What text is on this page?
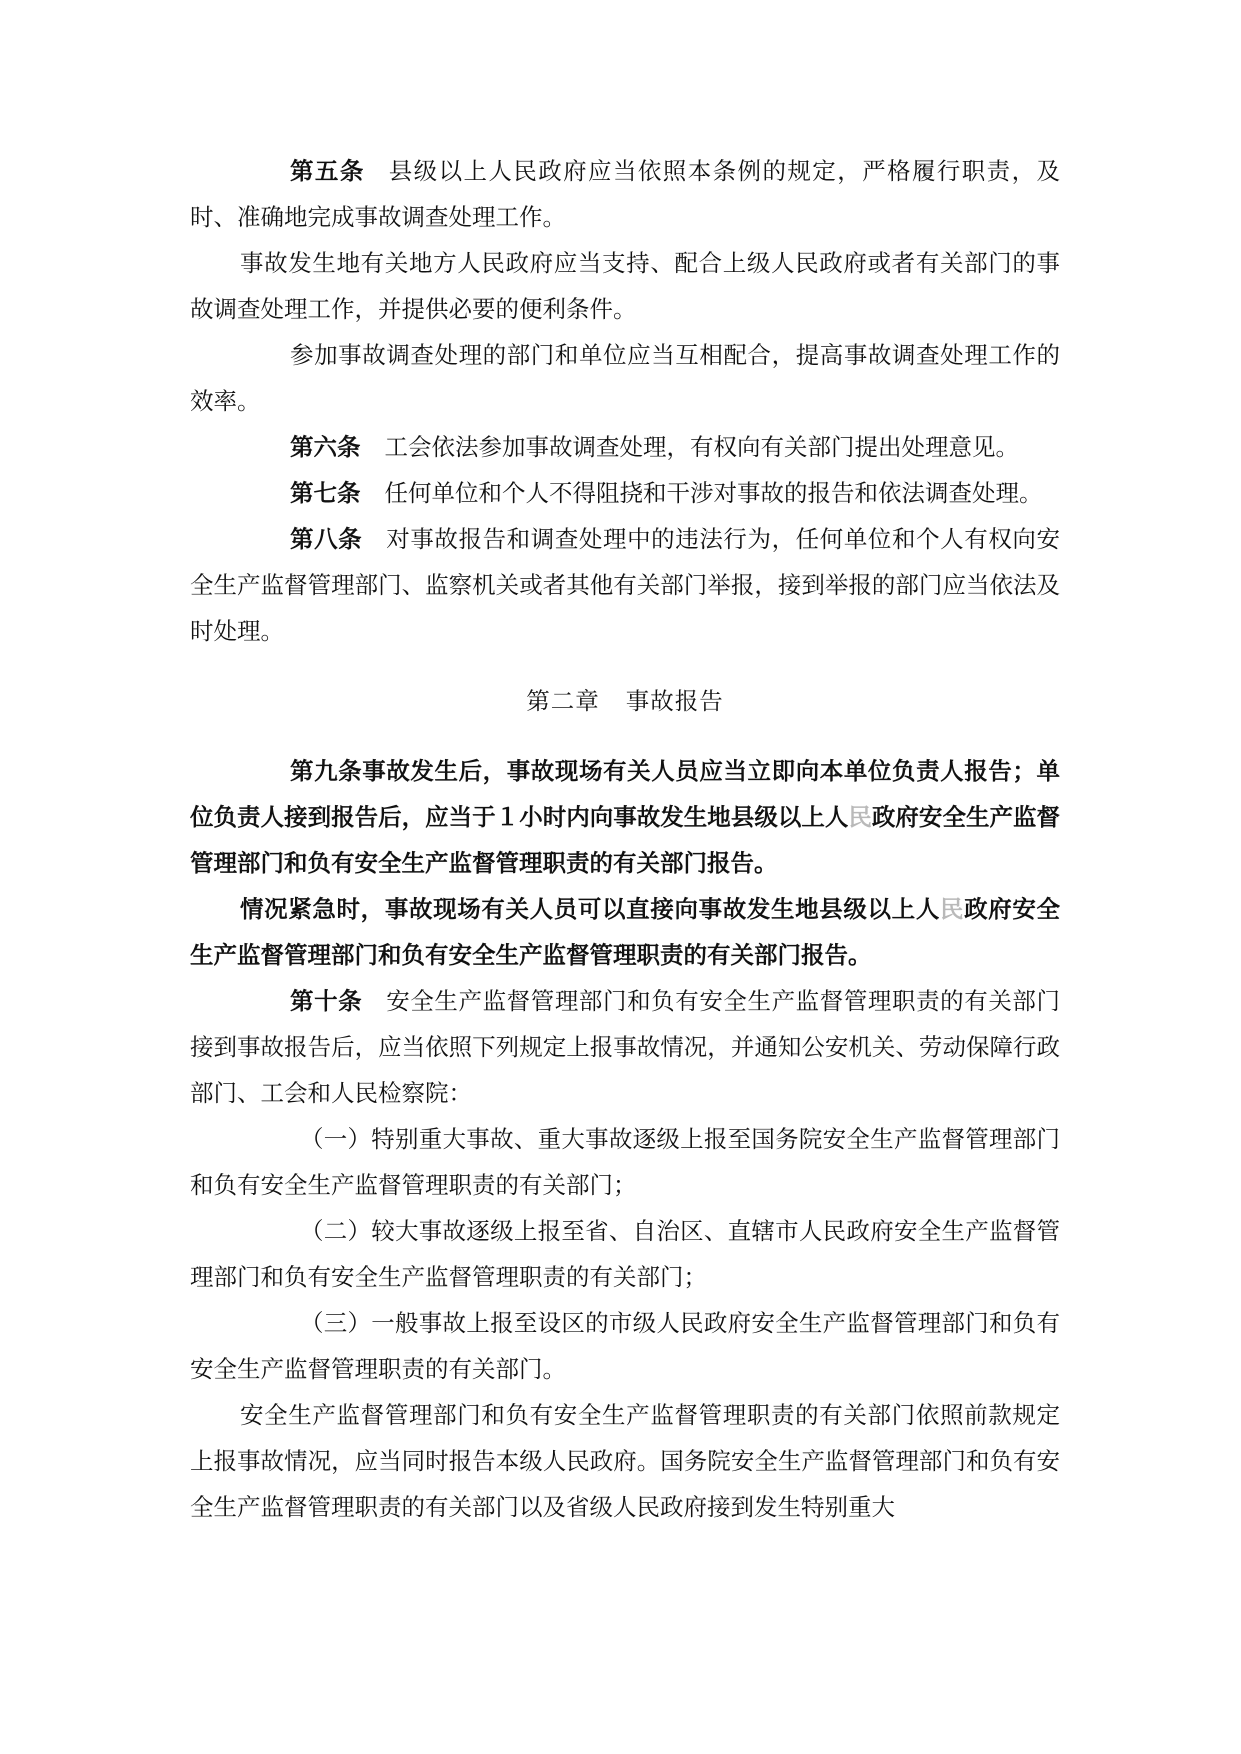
第五条 县级以上人民政府应当依照本条例的规定，严格履行职责，及时、准确地完成事故调查处理工作。

事故发生地有关地方人民政府应当支持、配合上级人民政府或者有关部门的事故调查处理工作，并提供必要的便利条件。

参加事故调查处理的部门和单位应当互相配合，提高事故调查处理工作的效率。

第六条 工会依法参加事故调查处理，有权向有关部门提出处理意见。

第七条 任何单位和个人不得阻挠和干涉对事故的报告和依法调查处理。

第八条 对事故报告和调查处理中的违法行为，任何单位和个人有权向安全生产监督管理部门、监察机关或者其他有关部门举报，接到举报的部门应当依法及时处理。

第二章 事故报告

第九条事故发生后，事故现场有关人员应当立即向本单位负责人报告；单位负责人接到报告后，应当于１小时内向事故发生地县级以上人民政府安全生产监督管理部门和负有安全生产监督管理职责的有关部门报告。

情况紧急时，事故现场有关人员可以直接向事故发生地县级以上人民政府安全生产监督管理部门和负有安全生产监督管理职责的有关部门报告。

第十条 安全生产监督管理部门和负有安全生产监督管理职责的有关部门接到事故报告后，应当依照下列规定上报事故情况，并通知公安机关、劳动保障行政部门、工会和人民检察院：

（一）特别重大事故、重大事故逐级上报至国务院安全生产监督管理部门和负有安全生产监督管理职责的有关部门；

（二）较大事故逐级上报至省、自治区、直辖市人民政府安全生产监督管理部门和负有安全生产监督管理职责的有关部门；

（三）一般事故上报至设区的市级人民政府安全生产监督管理部门和负有安全生产监督管理职责的有关部门。

安全生产监督管理部门和负有安全生产监督管理职责的有关部门依照前款规定上报事故情况，应当同时报告本级人民政府。国务院安全生产监督管理部门和负有安全生产监督管理职责的有关部门以及省级人民政府接到发生特别重大
